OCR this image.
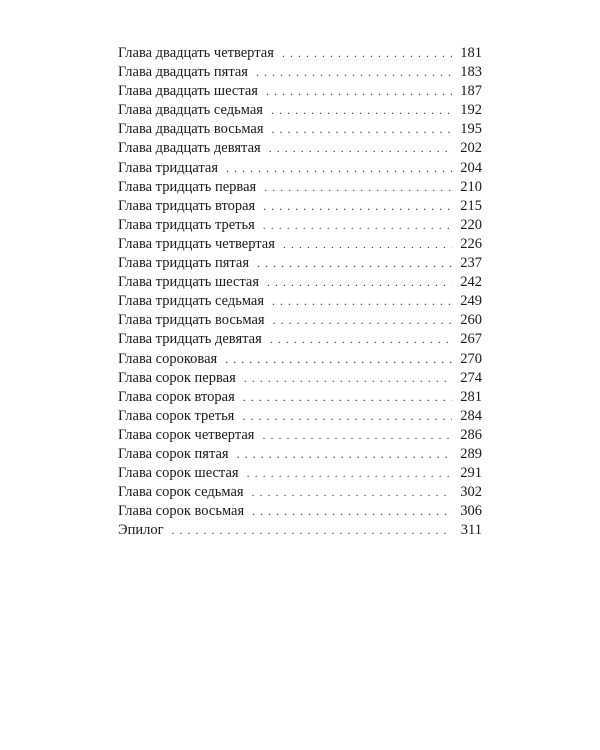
Глава двадцать четвертая . . .	181
Глава двадцать пятая . . .	183
Глава двадцать шестая . . .	187
Глава двадцать седьмая . . .	192
Глава двадцать восьмая . . .	195
Глава двадцать девятая . . .	202
Глава тридцатая . . .	204
Глава тридцать первая . . .	210
Глава тридцать вторая . . .	215
Глава тридцать третья . . .	220
Глава тридцать четвертая . . .	226
Глава тридцать пятая . . .	237
Глава тридцать шестая . . .	242
Глава тридцать седьмая . . .	249
Глава тридцать восьмая . . .	260
Глава тридцать девятая . . .	267
Глава сороковая . . .	270
Глава сорок первая . . .	274
Глава сорок вторая . . .	281
Глава сорок третья . . .	284
Глава сорок четвертая . . .	286
Глава сорок пятая . . .	289
Глава сорок шестая . . .	291
Глава сорок седьмая . . .	302
Глава сорок восьмая . . .	306
Эпилог . . .	311
